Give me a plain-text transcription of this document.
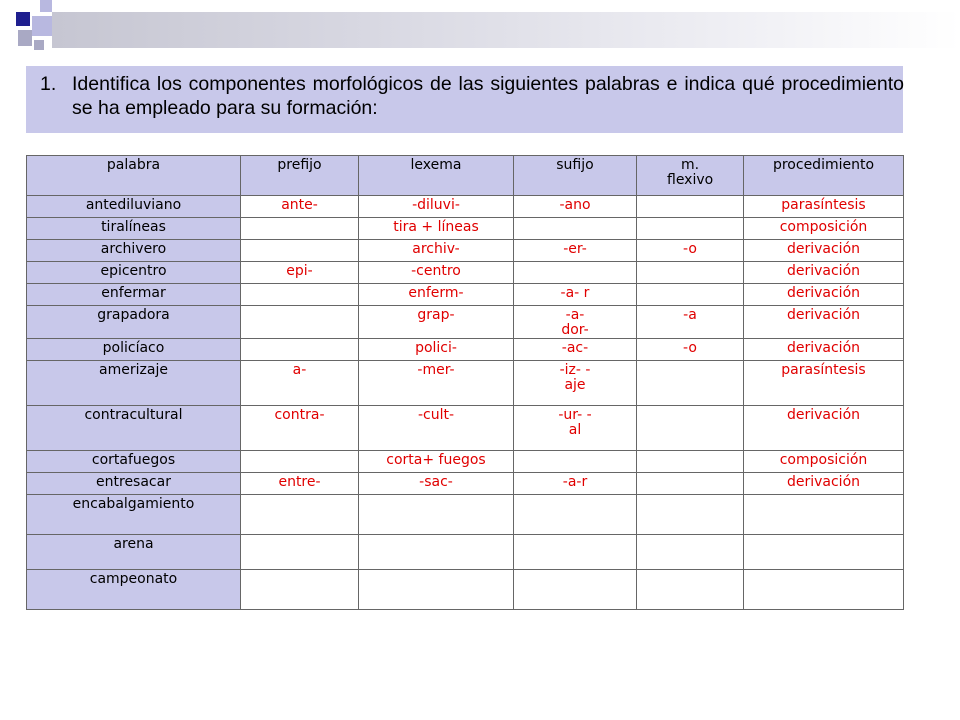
1. Identifica los componentes morfológicos de las siguientes palabras e indica qué procedimiento se ha empleado para su formación:
palabra	prefijo	lexema	sufijo	m. flexivo	procedimiento
antediluviano	ante-	-diluvi-	-ano		parasíntesis
tiralíneas		tira + líneas			composición
archivero		archiv-	-er-	-o	derivación
epicentro	epi-	-centro			derivación
enfermar		enferm-	-a- r		derivación
grapadora		grap-	-a-dor-	-a	derivación
policíaco		polici-	-ac-	-o	derivación
amerizaje	a-	-mer-	-iz- -aje		parasíntesis
contracultural	contra-	-cult-	-ur- -al		derivación
cortafuegos		corta+ fuegos			composición
entresacar	entre-	-sac-	-a-r		derivación
encabalgamiento					
arena					
campeonato					
